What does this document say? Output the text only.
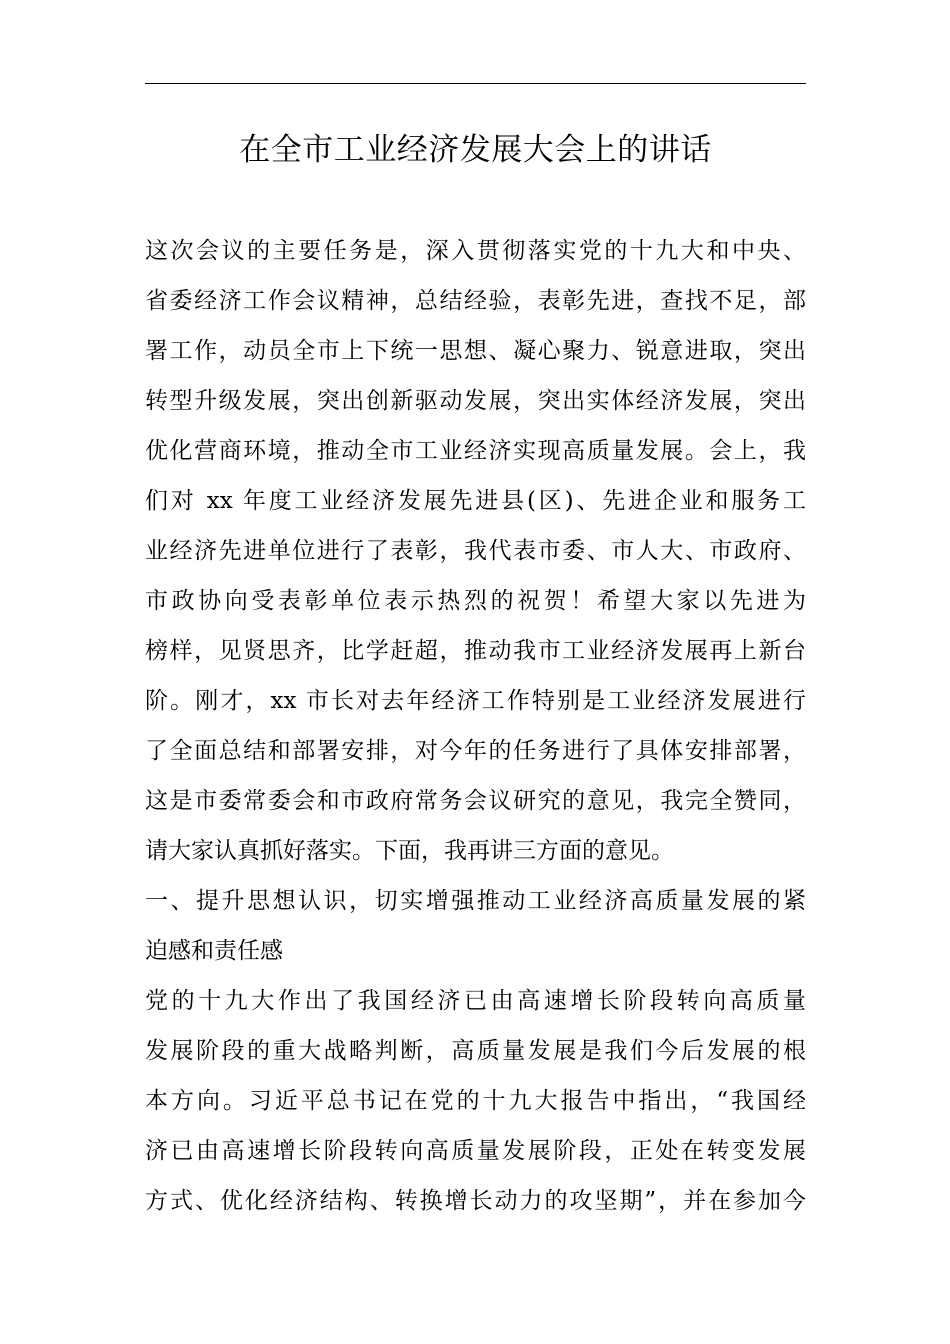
在全市工业经济发展大会上的讲话
这次会议的主要任务是，深入贯彻落实党的十九大和中央、
省委经济工作会议精神，总结经验，表彰先进，查找不足，部
署工作，动员全市上下统一思想、凝心聚力、锐意进取，突出
转型升级发展，突出创新驱动发展，突出实体经济发展，突出
优化营商环境，推动全市工业经济实现高质量发展。会上，我
们对 xx 年度工业经济发展先进县(区)、先进企业和服务工
业经济先进单位进行了表彰，我代表市委、市人大、市政府、
市政协向受表彰单位表示热烈的祝贺！希望大家以先进为
榜样，见贤思齐，比学赶超，推动我市工业经济发展再上新台
阶。刚才，xx 市长对去年经济工作特别是工业经济发展进行
了全面总结和部署安排，对今年的任务进行了具体安排部署，
这是市委常委会和市政府常务会议研究的意见，我完全赞同，
请大家认真抓好落实。下面，我再讲三方面的意见。
一、提升思想认识，切实增强推动工业经济高质量发展的紧
迫感和责任感
党的十九大作出了我国经济已由高速增长阶段转向高质量
发展阶段的重大战略判断，高质量发展是我们今后发展的根
本方向。习近平总书记在党的十九大报告中指出，“我国经
济已由高速增长阶段转向高质量发展阶段，正处在转变发展
方式、优化经济结构、转换增长动力的攻坚期”，并在参加今
